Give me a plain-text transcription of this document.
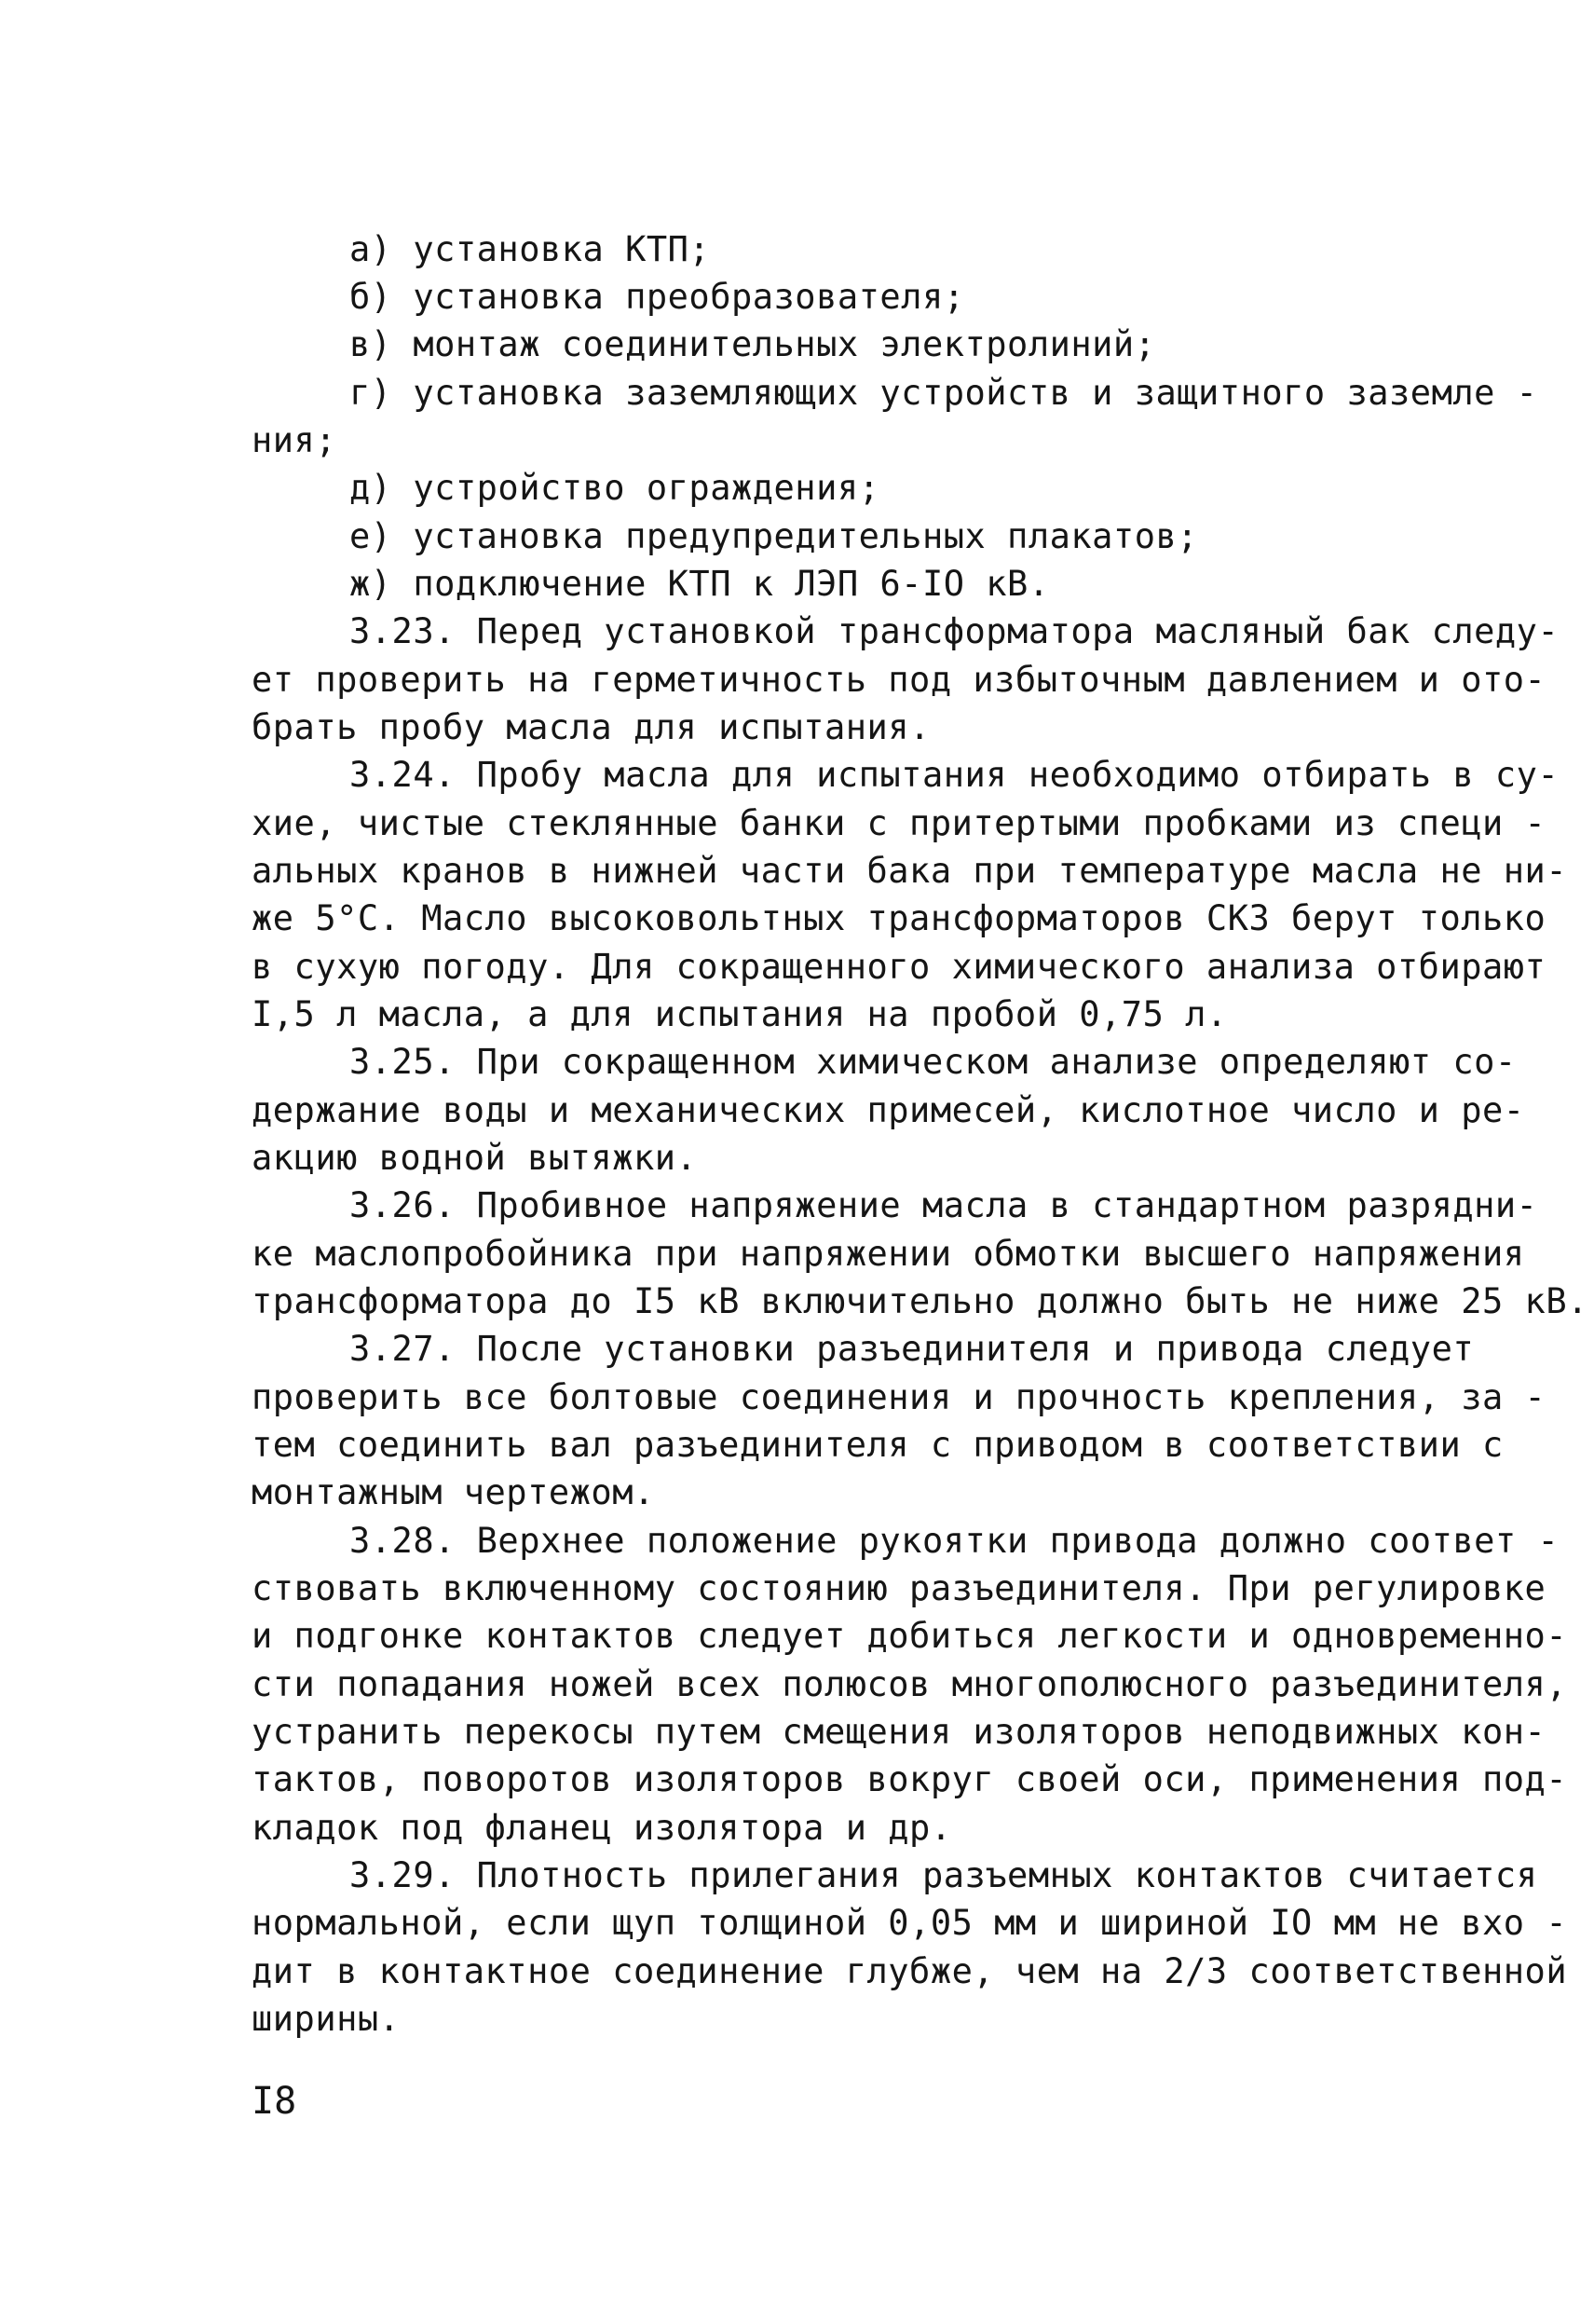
а) установка КТП;
б) установка преобразователя;
в) монтаж соединительных электролиний;
г) установка заземляющих устройств и защитного заземле -
ния;
д) устройство ограждения;
е) установка предупредительных плакатов;
ж) подключение КТП к ЛЭП 6-IO кВ.
3.23. Перед установкой трансформатора масляный бак следу-
ет проверить на герметичность под избыточным давлением и ото-
брать пробу масла для испытания.
3.24. Пробу масла для испытания необходимо отбирать в су-
хие, чистые стеклянные банки с притертыми пробками из специ -
альных кранов в нижней части бака при температуре масла не ни-
же 5°С. Масло высоковольтных трансформаторов СКЗ берут только
в сухую погоду. Для сокращенного химического анализа отбирают
I,5 л масла, а для испытания на пробой 0,75 л.
3.25. При сокращенном химическом анализе определяют со-
держание воды и механических примесей, кислотное число и ре-
акцию водной вытяжки.
3.26. Пробивное напряжение масла в стандартном разрядни-
ке маслопробойника при напряжении обмотки высшего напряжения
трансформатора до I5 кВ включительно должно быть не ниже 25 кВ.
3.27. После установки разъединителя и привода следует
проверить все болтовые соединения и прочность крепления, за -
тем соединить вал разъединителя с приводом в соответствии с
монтажным чертежом.
3.28. Верхнее положение рукоятки привода должно соответ -
ствовать включенному состоянию разъединителя. При регулировке
и подгонке контактов следует добиться легкости и одновременно-
сти попадания ножей всех полюсов многополюсного разъединителя,
устранить перекосы путем смещения изоляторов неподвижных кон-
тактов, поворотов изоляторов вокруг своей оси, применения под-
кладок под фланец изолятора и др.
3.29. Плотность прилегания разъемных контактов считается
нормальной, если щуп толщиной 0,05 мм и шириной IO мм не вхо -
дит в контактное соединение глубже, чем на 2/3 соответственной
ширины.
I8
